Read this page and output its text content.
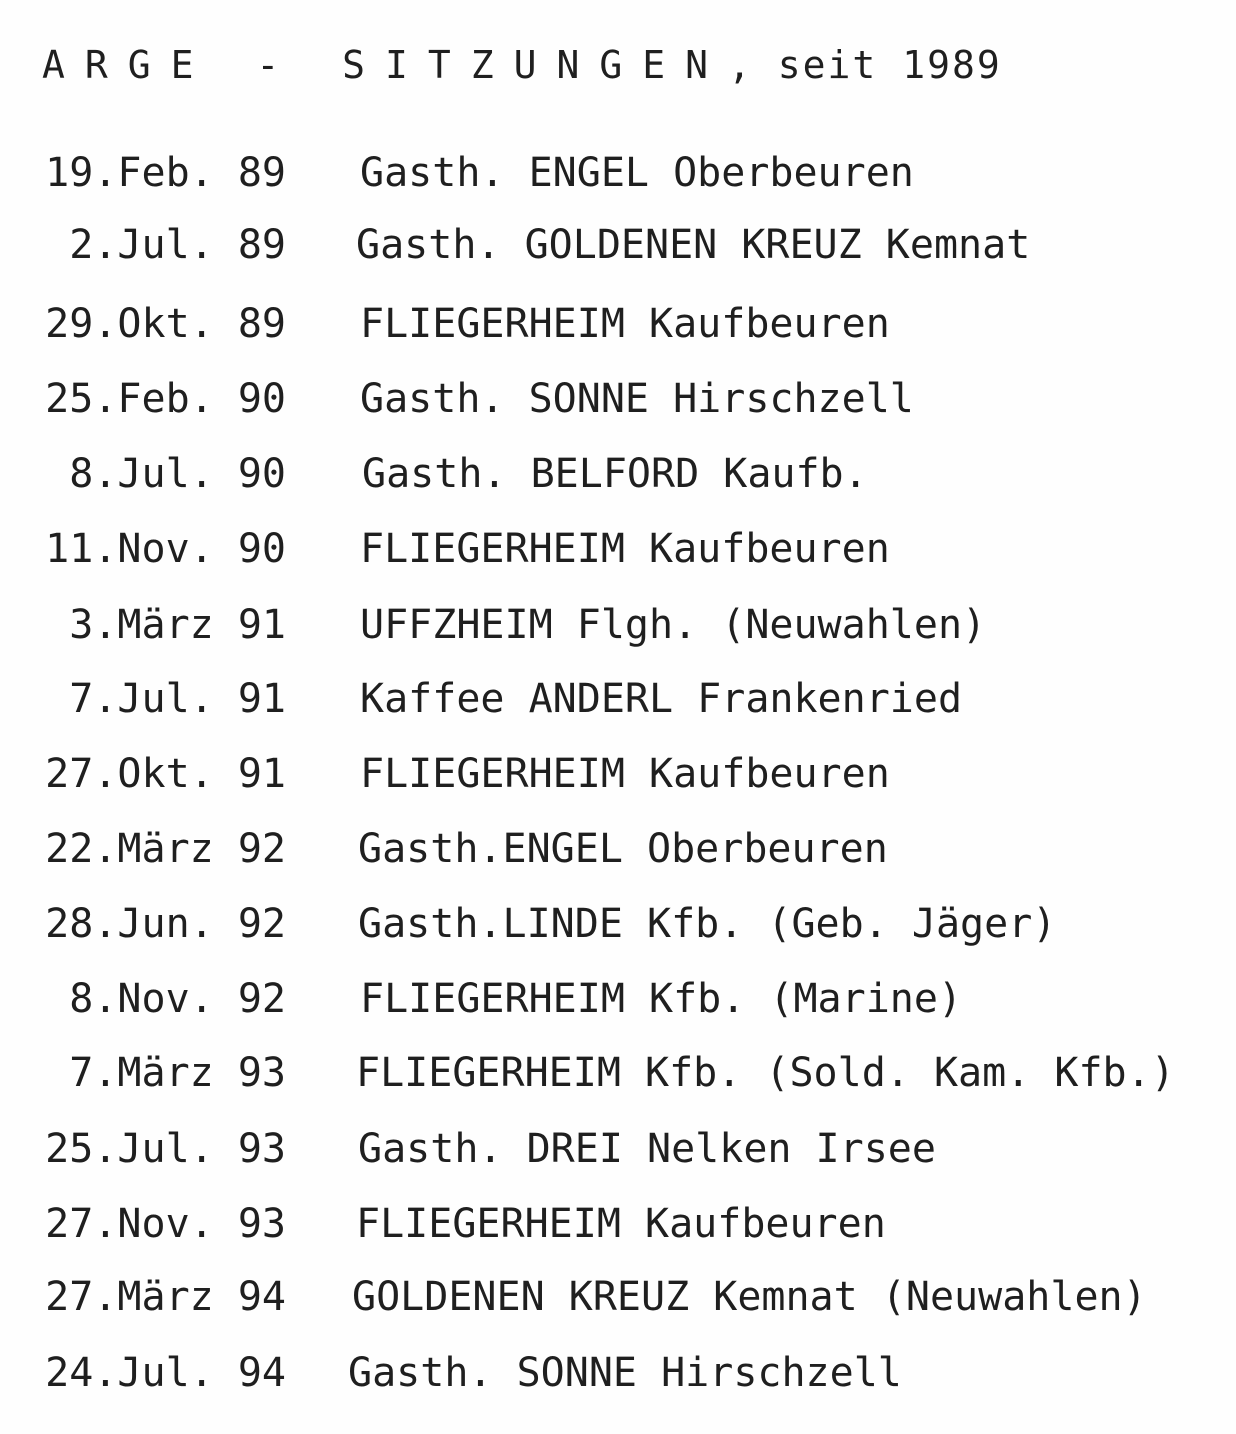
ARGE - SITZUNGEN, seit 1989
19.Feb. 89 Gasth. ENGEL Oberbeuren
2.Jul. 89 Gasth. GOLDENEN KREUZ Kemnat
29.Okt. 89 FLIEGERHEIM Kaufbeuren
25.Feb. 90 Gasth. SONNE Hirschzell
8.Jul. 90 Gasth. BELFORD Kaufb.
11.Nov. 90 FLIEGERHEIM Kaufbeuren
3.März 91 UFFZHEIM Flgh. (Neuwahlen)
7.Jul. 91 Kaffee ANDERL Frankenried
27.Okt. 91 FLIEGERHEIM Kaufbeuren
22.März 92 Gasth.ENGEL Oberbeuren
28.Jun. 92 Gasth.LINDE Kfb. (Geb. Jäger)
8.Nov. 92 FLIEGERHEIM Kfb. (Marine)
7.März 93 FLIEGERHEIM Kfb. (Sold. Kam. Kfb.)
25.Jul. 93 Gasth. DREI Nelken Irsee
27.Nov. 93 FLIEGERHEIM Kaufbeuren
27.März 94 GOLDENEN KREUZ Kemnat (Neuwahlen)
24.Jul. 94 Gasth. SONNE Hirschzell
